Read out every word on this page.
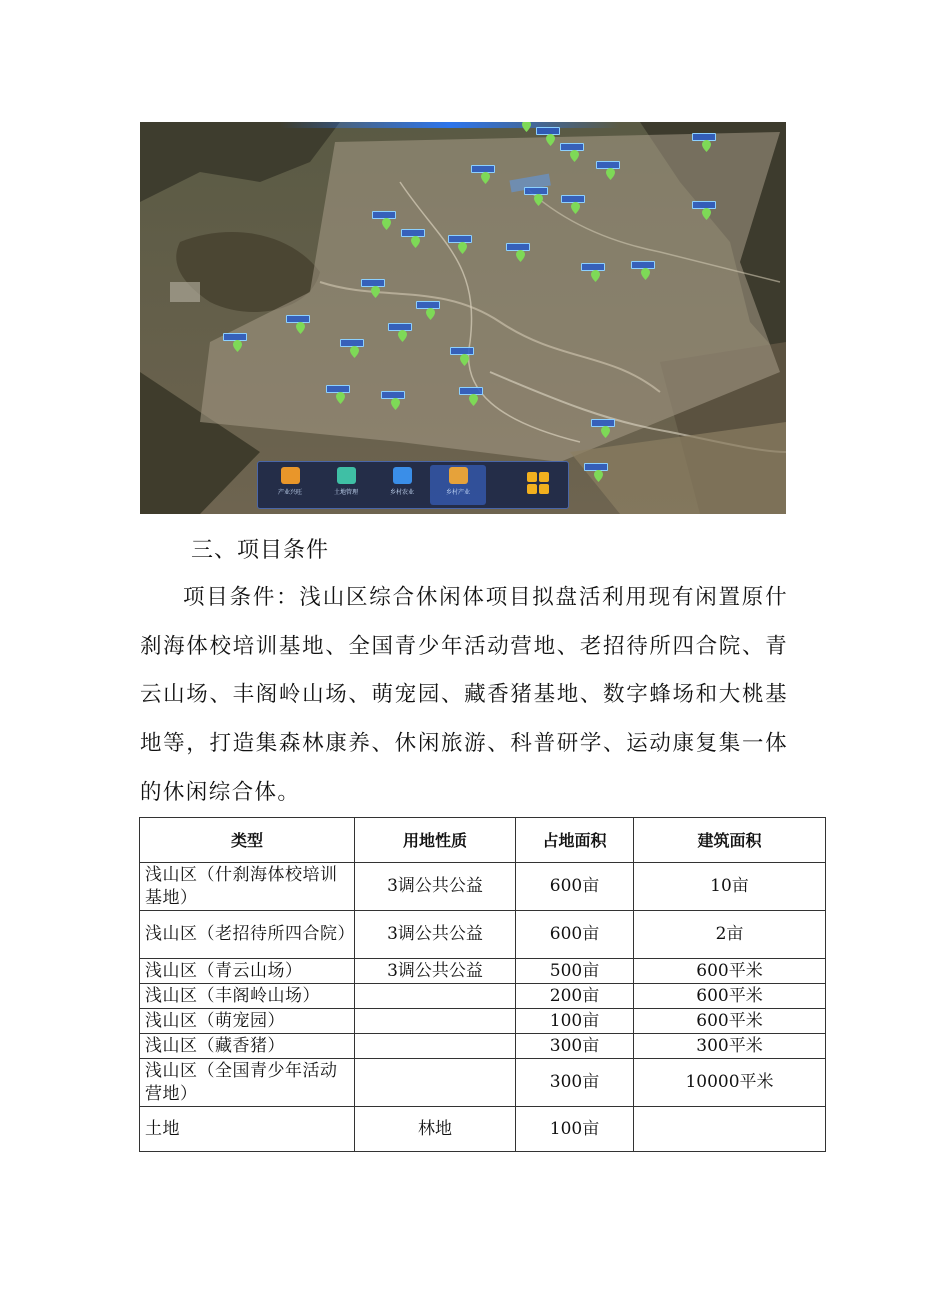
产业兴旺	土地管理	乡村农业	乡村产业
三、项目条件

项目条件：浅山区综合休闲体项目拟盘活利用现有闲置原什刹海体校培训基地、全国青少年活动营地、老招待所四合院、青云山场、丰阁岭山场、萌宠园、藏香猪基地、数字蜂场和大桃基地等，打造集森林康养、休闲旅游、科普研学、运动康复集一体的休闲综合体。

类型	用地性质	占地面积	建筑面积
浅山区（什刹海体校培训基地）	3调公共公益	600亩	10亩
浅山区（老招待所四合院）	3调公共公益	600亩	2亩
浅山区（青云山场）	3调公共公益	500亩	600平米
浅山区（丰阁岭山场）		200亩	600平米
浅山区（萌宠园）		100亩	600平米
浅山区（藏香猪）		300亩	300平米
浅山区（全国青少年活动营地）		300亩	10000平米
土地	林地	100亩	
